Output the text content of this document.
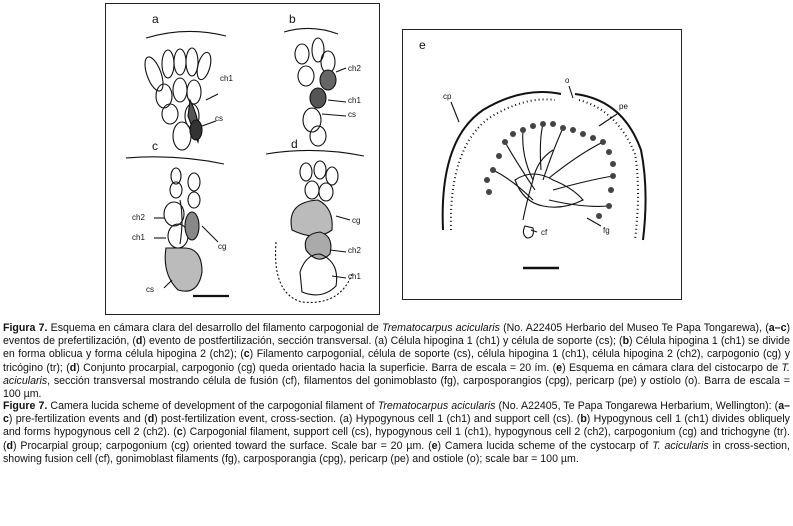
a	b
c	d
ch1
cs
ch2
ch1
cs
cg
ch2
ch1
cs
cg
ch2
ch1
e
o
cp
pe
fg
cf
Figura 7. Esquema en cámara clara del desarrollo del filamento carpogonial de Trematocarpus acicularis (No. A22405 Herbario del Museo Te Papa Tongarewa), (a–c) eventos de prefertilización, (d) evento de postfertilización, sección transversal. (a) Célula hipogina 1 (ch1) y célula de soporte (cs); (b) Célula hipogina 1 (ch1) se divide en forma oblicua y forma célula hipogina 2 (ch2); (c) Filamento carpogonial, célula de soporte (cs), célula hipogina 1 (ch1), célula hipogina 2 (ch2), carpogonio (cg) y tricógino (tr); (d) Conjunto procarpial, carpogonio (cg) queda orientado hacia la superficie. Barra de escala = 20 ím. (e) Esquema en cámara clara del cistocarpo de T. acicularis, sección transversal mostrando célula de fusión (cf), filamentos del gonimoblasto (fg), carposporangios (cpg), pericarp (pe) y ostíolo (o). Barra de escala = 100 µm.
Figure 7. Camera lucida scheme of development of the carpogonial filament of Trematocarpus acicularis (No. A22405, Te Papa Tongarewa Herbarium, Wellington): (a–c) pre-fertilization events and (d) post-fertilization event, cross-section. (a) Hypogynous cell 1 (ch1) and support cell (cs). (b) Hypogynous cell 1 (ch1) divides obliquely and forms hypogynous cell 2 (ch2). (c) Carpogonial filament, support cell (cs), hypogynous cell 1 (ch1), hypogynous cell 2 (ch2), carpogonium (cg) and trichogyne (tr). (d) Procarpial group; carpogonium (cg) oriented toward the surface. Scale bar = 20 µm. (e) Camera lucida scheme of the cystocarp of T. acicularis in cross-section, showing fusion cell (cf), gonimoblast filaments (fg), carposporangia (cpg), pericarp (pe) and ostiole (o); scale bar = 100 µm.
